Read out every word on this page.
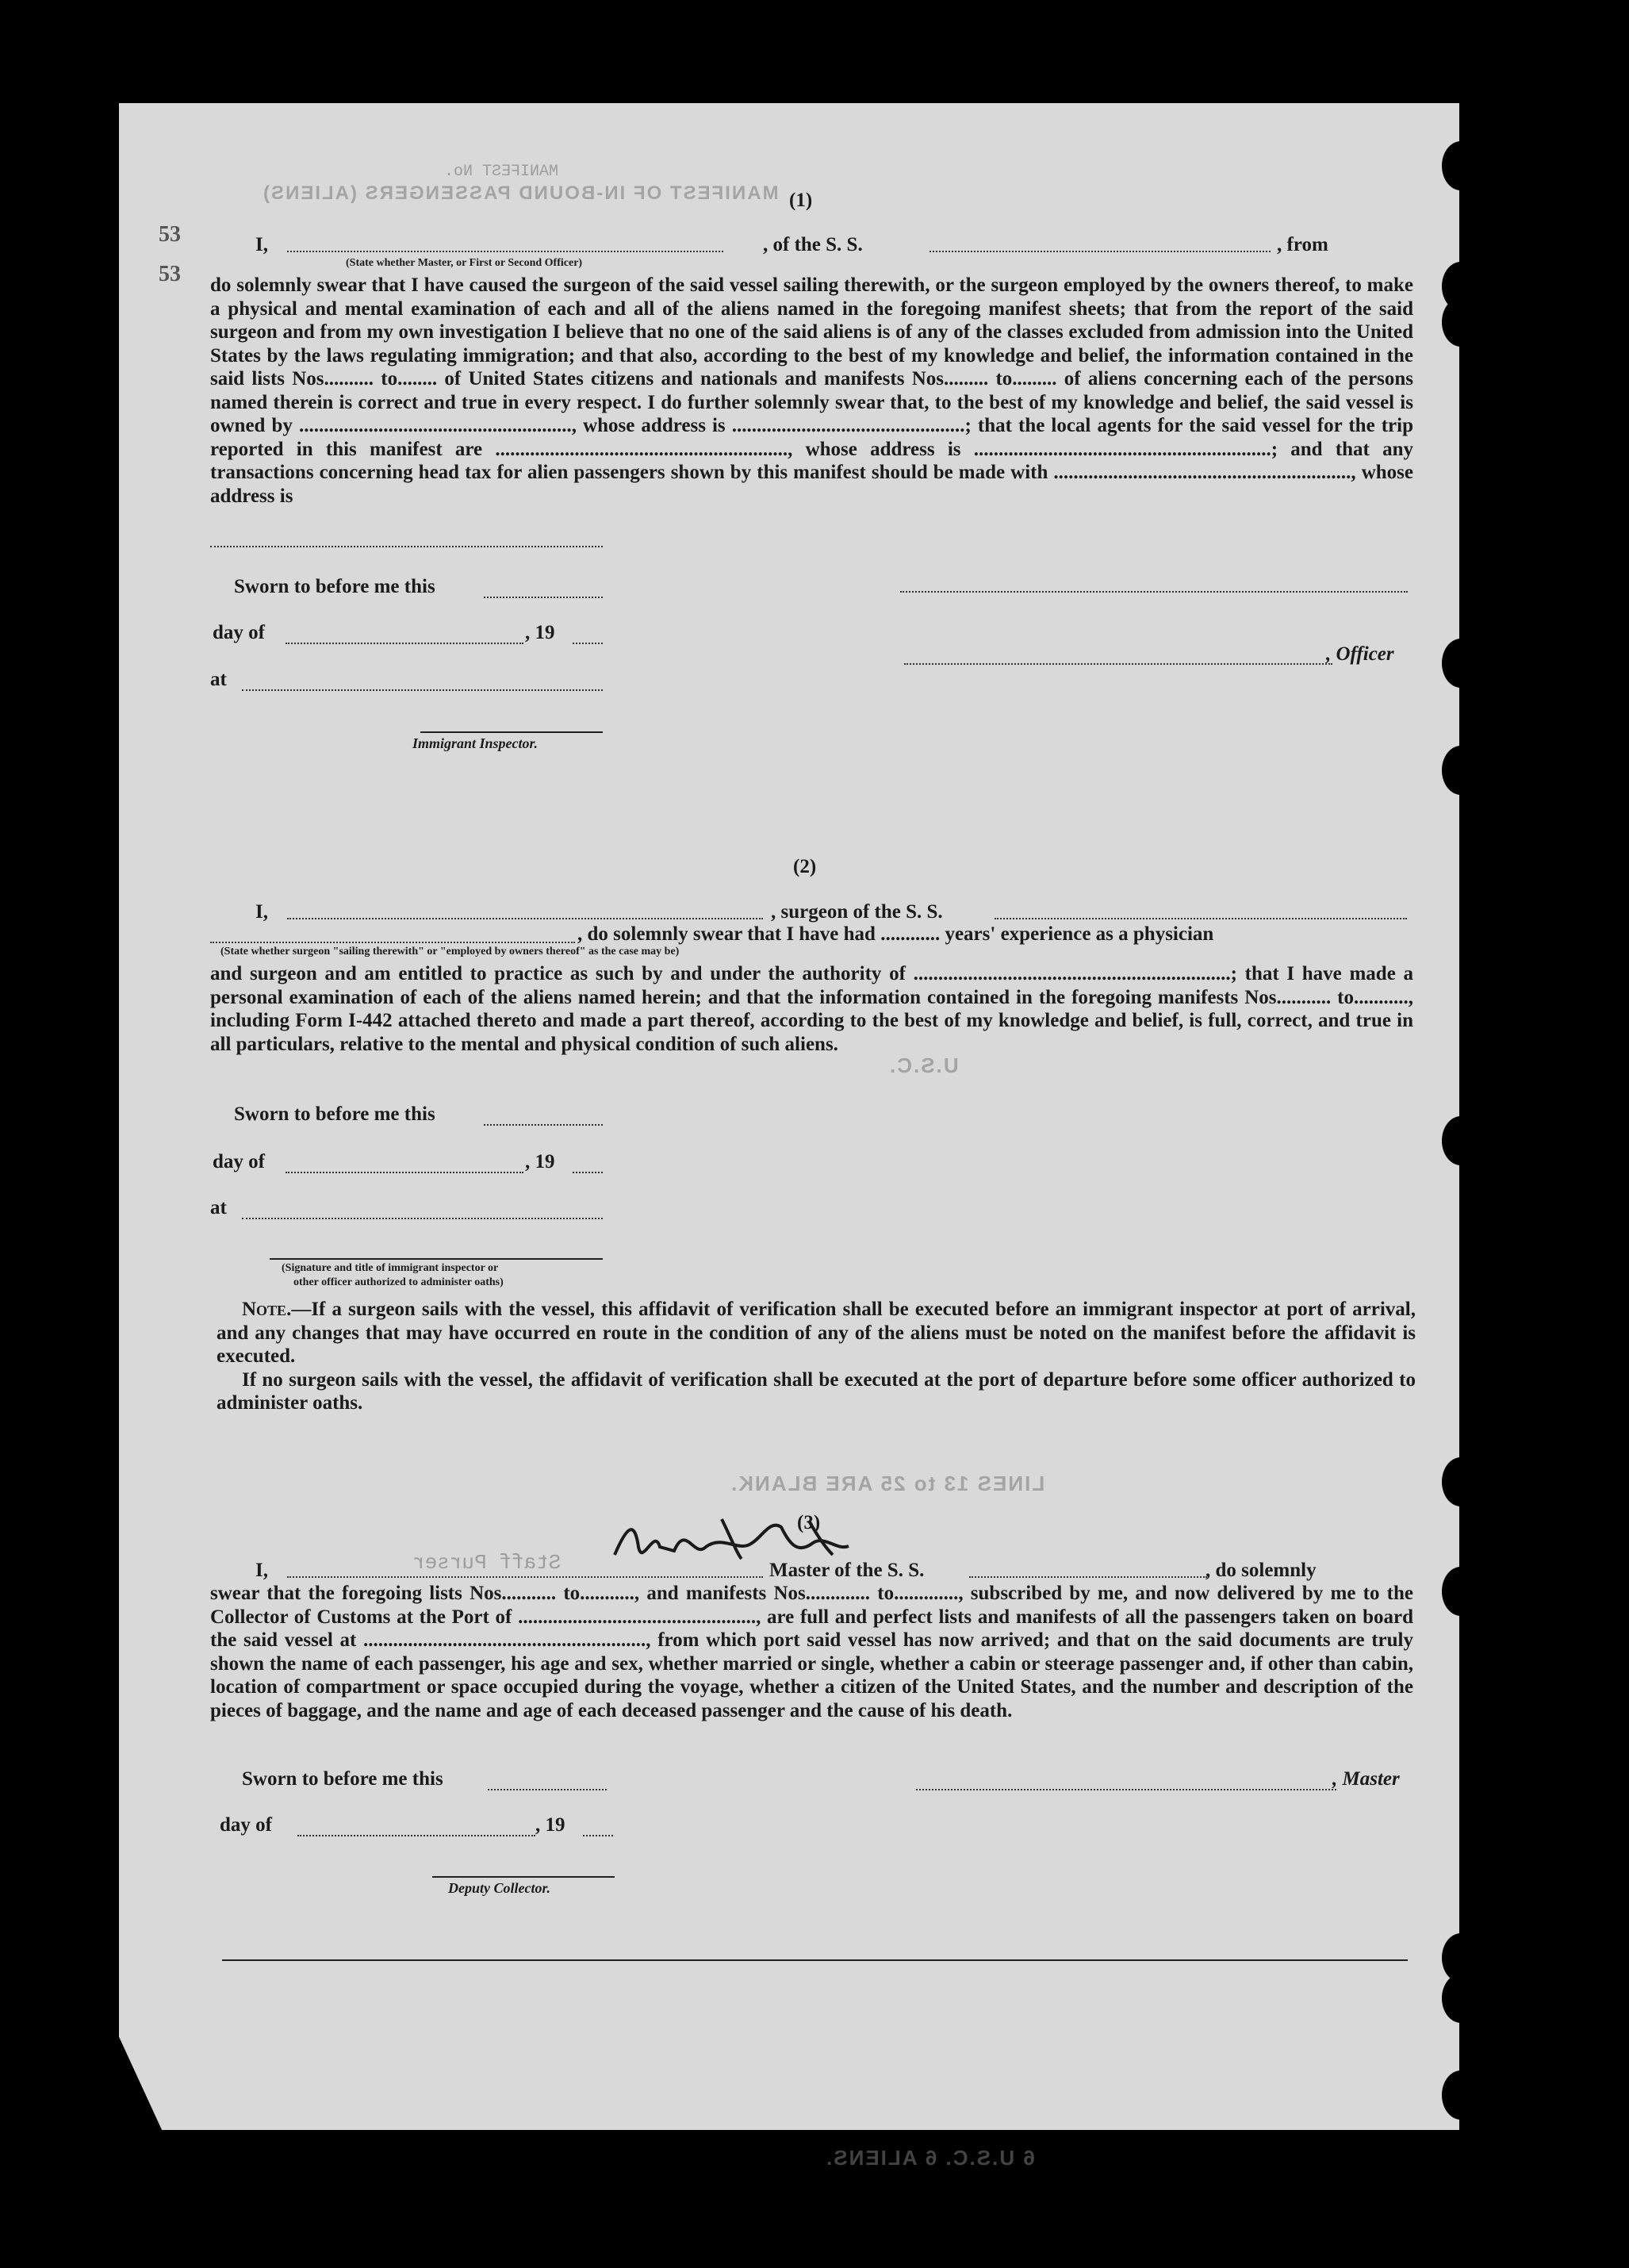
53
53
MANIFEST No.
MANIFEST OF IN-BOUND PASSENGERS (ALIENS)
U.S.C.
LINES 13 to 25 ARE BLANK.
Staff Purser
6 U.S.C. 6 ALIENS.
(1)
I,	, of the S. S.	, from
(State whether Master, or First or Second Officer)

do solemnly swear that I have caused the surgeon of the said vessel sailing therewith, or the surgeon employed by the owners thereof, to make a physical and mental examination of each and all of the aliens named in the foregoing manifest sheets; that from the report of the said surgeon and from my own investigation I believe that no one of the said aliens is of any of the classes excluded from admission into the United States by the laws regulating immigration; and that also, according to the best of my knowledge and belief, the information contained in the said lists Nos.......... to........ of United States citizens and nationals and manifests Nos......... to......... of aliens concerning each of the persons named therein is correct and true in every respect. I do further solemnly swear that, to the best of my knowledge and belief, the said vessel is owned by ......................................................., whose address is ...............................................; that the local agents for the said vessel for the trip reported in this manifest are ..........................................................., whose address is ............................................................; and that any transactions concerning head tax for alien passengers shown by this manifest should be made with ............................................................, whose address is

Sworn to before me this
day of	, 19
at
Immigrant Inspector.
, Officer
(2)
I,	, surgeon of the S. S.
, do solemnly swear that I have had ............ years' experience as a physician
(State whether surgeon "sailing therewith" or "employed by owners thereof" as the case may be)

and surgeon and am entitled to practice as such by and under the authority of ................................................................; that I have made a personal examination of each of the aliens named herein; and that the information contained in the foregoing manifests Nos........... to..........., including Form I-442 attached thereto and made a part thereof, according to the best of my knowledge and belief, is full, correct, and true in all particulars, relative to the mental and physical condition of such aliens.

Sworn to before me this
day of	, 19
at
(Signature and title of immigrant inspector or
other officer authorized to administer oaths)

Note.—If a surgeon sails with the vessel, this affidavit of verification shall be executed before an immigrant inspector at port of arrival, and any changes that may have occurred en route in the condition of any of the aliens must be noted on the manifest before the affidavit is executed.

If no surgeon sails with the vessel, the affidavit of verification shall be executed at the port of departure before some officer authorized to administer oaths.

(3)
I,	Master of the S. S.	, do solemnly

swear that the foregoing lists Nos........... to..........., and manifests Nos............. to............., subscribed by me, and now delivered by me to the Collector of Customs at the Port of ................................................, are full and perfect lists and manifests of all the passengers taken on board the said vessel at ........................................................., from which port said vessel has now arrived; and that on the said documents are truly shown the name of each passenger, his age and sex, whether married or single, whether a cabin or steerage passenger and, if other than cabin, location of compartment or space occupied during the voyage, whether a citizen of the United States, and the number and description of the pieces of baggage, and the name and age of each deceased passenger and the cause of his death.

Sworn to before me this	, Master
day of	, 19
Deputy Collector.
